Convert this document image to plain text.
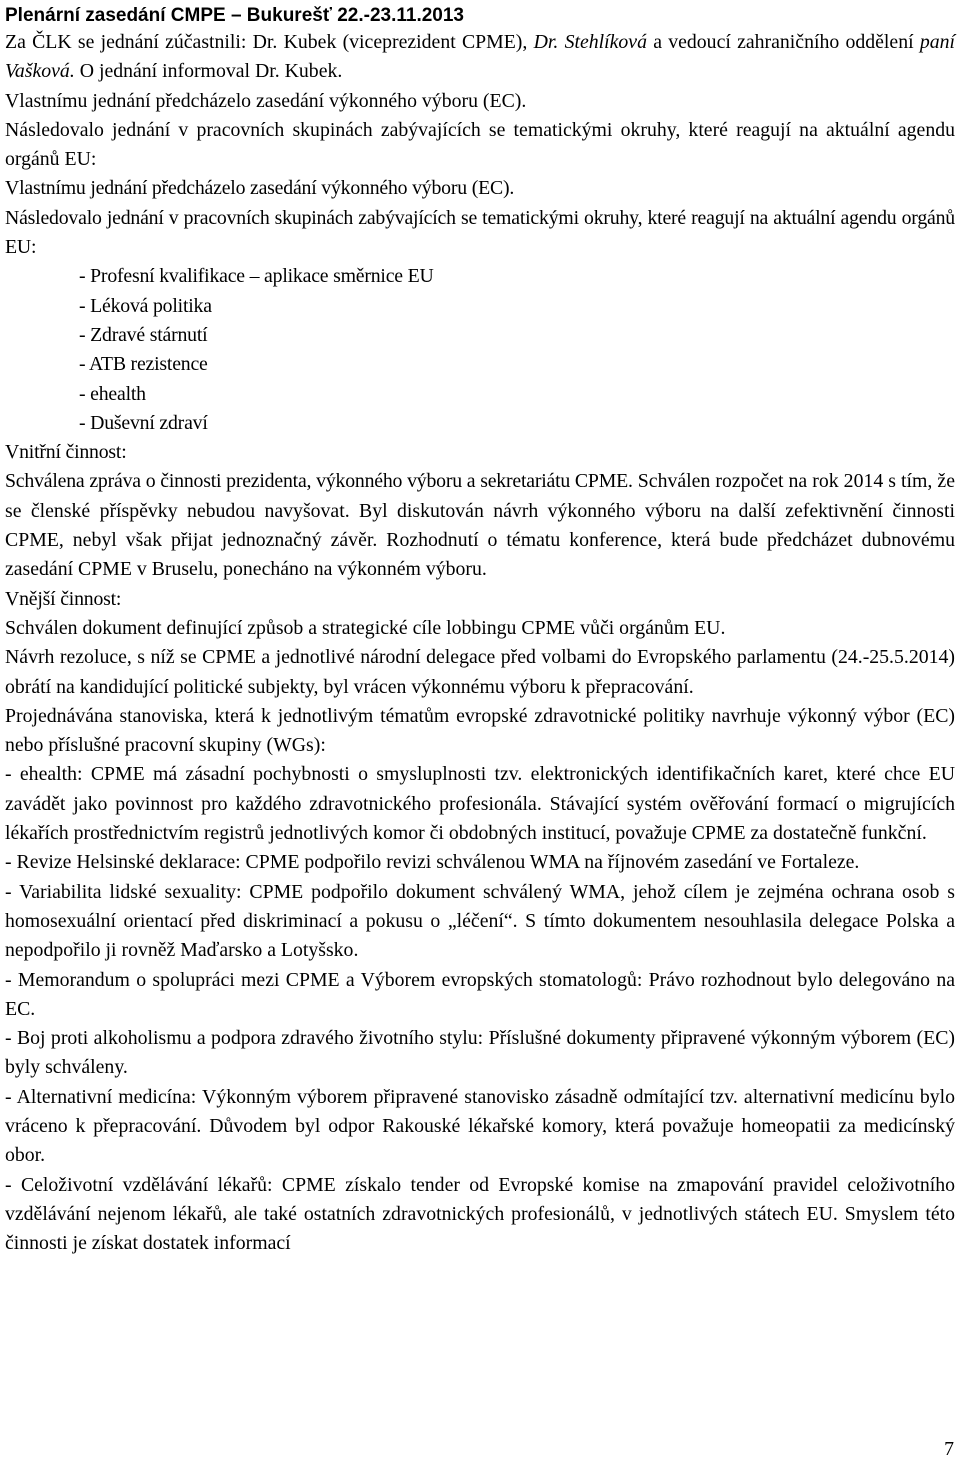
Plenární zasedání CMPE – Bukurešť 22.-23.11.2013

Za ČLK se jednání zúčastnili: Dr. Kubek (viceprezident CPME), Dr. Stehlíková a vedoucí zahraničního oddělení paní Vašková. O jednání informoval Dr. Kubek.

Vlastnímu jednání předcházelo zasedání výkonného výboru (EC).

Následovalo jednání v pracovních skupinách zabývajících se tematickými okruhy, které reagují na aktuální agendu orgánů EU:

Vlastnímu jednání předcházelo zasedání výkonného výboru (EC).

Následovalo jednání v pracovních skupinách zabývajících se tematickými okruhy, které reagují na aktuální agendu orgánů EU:

- Profesní kvalifikace – aplikace směrnice EU

- Léková politika

- Zdravé stárnutí

- ATB rezistence

- ehealth

- Duševní zdraví

Vnitřní činnost:

Schválena zpráva o činnosti prezidenta, výkonného výboru a sekretariátu CPME. Schválen rozpočet na rok 2014 s tím, že se členské příspěvky nebudou navyšovat. Byl diskutován návrh výkonného výboru na další zefektivnění činnosti CPME, nebyl však přijat jednoznačný závěr. Rozhodnutí o tématu konference, která bude předcházet dubnovému zasedání CPME v Bruselu, ponecháno na výkonném výboru.

Vnější činnost:

Schválen dokument definující způsob a strategické cíle lobbingu CPME vůči orgánům EU.

Návrh rezoluce, s níž se CPME a jednotlivé národní delegace před volbami do Evropského parlamentu (24.-25.5.2014) obrátí na kandidující politické subjekty, byl vrácen výkonnému výboru k přepracování.

Projednávána stanoviska, která k jednotlivým tématům evropské zdravotnické politiky navrhuje výkonný výbor (EC) nebo příslušné pracovní skupiny (WGs):

- ehealth: CPME má zásadní pochybnosti o smysluplnosti tzv. elektronických identifikačních karet, které chce EU zavádět jako povinnost pro každého zdravotnického profesionála. Stávající systém ověřování formací o migrujících lékařích prostřednictvím registrů jednotlivých komor či obdobných institucí, považuje CPME za dostatečně funkční.

- Revize Helsinské deklarace: CPME podpořilo revizi schválenou WMA na říjnovém zasedání ve Fortaleze.

- Variabilita lidské sexuality: CPME podpořilo dokument schválený WMA, jehož cílem je zejména ochrana osob s homosexuální orientací před diskriminací a pokusu o „léčení“. S tímto dokumentem nesouhlasila delegace Polska a nepodpořilo ji rovněž Maďarsko a Lotyšsko.

- Memorandum o spolupráci mezi CPME a Výborem evropských stomatologů: Právo rozhodnout bylo delegováno na EC.

- Boj proti alkoholismu a podpora zdravého životního stylu: Příslušné dokumenty připravené výkonným výborem (EC) byly schváleny.

- Alternativní medicína: Výkonným výborem připravené stanovisko zásadně odmítající tzv. alternativní medicínu bylo vráceno k přepracování. Důvodem byl odpor Rakouské lékařské komory, která považuje homeopatii za medicínský obor.

- Celoživotní vzdělávání lékařů: CPME získalo tender od Evropské komise na zmapování pravidel celoživotního vzdělávání nejenom lékařů, ale také ostatních zdravotnických profesionálů, v jednotlivých státech EU. Smyslem této činnosti je získat dostatek informací

7
